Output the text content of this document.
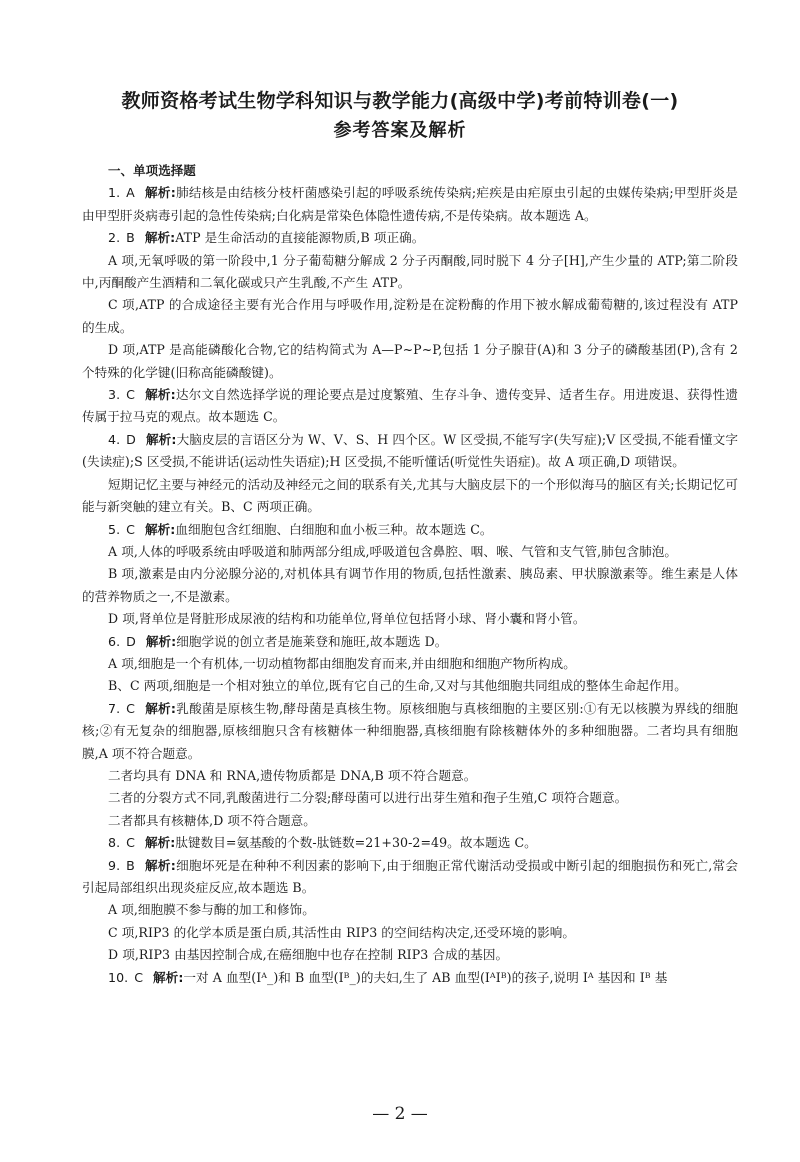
教师资格考试生物学科知识与教学能力(高级中学)考前特训卷(一)
参考答案及解析

一、单项选择题

1. A 解析:肺结核是由结核分枝杆菌感染引起的呼吸系统传染病;疟疾是由疟原虫引起的虫媒传染病;甲型肝炎是由甲型肝炎病毒引起的急性传染病;白化病是常染色体隐性遗传病,不是传染病。故本题选 A。

2. B 解析:ATP 是生命活动的直接能源物质,B 项正确。

A 项,无氧呼吸的第一阶段中,1 分子葡萄糖分解成 2 分子丙酮酸,同时脱下 4 分子[H],产生少量的 ATP;第二阶段中,丙酮酸产生酒精和二氧化碳或只产生乳酸,不产生 ATP。

C 项,ATP 的合成途径主要有光合作用与呼吸作用,淀粉是在淀粉酶的作用下被水解成葡萄糖的,该过程没有 ATP 的生成。

D 项,ATP 是高能磷酸化合物,它的结构简式为 A—P~P~P,包括 1 分子腺苷(A)和 3 分子的磷酸基团(P),含有 2 个特殊的化学键(旧称高能磷酸键)。

3. C 解析:达尔文自然选择学说的理论要点是过度繁殖、生存斗争、遗传变异、适者生存。用进废退、获得性遗传属于拉马克的观点。故本题选 C。

4. D 解析:大脑皮层的言语区分为 W、V、S、H 四个区。W 区受损,不能写字(失写症);V 区受损,不能看懂文字(失读症);S 区受损,不能讲话(运动性失语症);H 区受损,不能听懂话(听觉性失语症)。故 A 项正确,D 项错误。

短期记忆主要与神经元的活动及神经元之间的联系有关,尤其与大脑皮层下的一个形似海马的脑区有关;长期记忆可能与新突触的建立有关。B、C 两项正确。

5. C 解析:血细胞包含红细胞、白细胞和血小板三种。故本题选 C。

A 项,人体的呼吸系统由呼吸道和肺两部分组成,呼吸道包含鼻腔、咽、喉、气管和支气管,肺包含肺泡。

B 项,激素是由内分泌腺分泌的,对机体具有调节作用的物质,包括性激素、胰岛素、甲状腺激素等。维生素是人体的营养物质之一,不是激素。

D 项,肾单位是肾脏形成尿液的结构和功能单位,肾单位包括肾小球、肾小囊和肾小管。

6. D 解析:细胞学说的创立者是施莱登和施旺,故本题选 D。

A 项,细胞是一个有机体,一切动植物都由细胞发育而来,并由细胞和细胞产物所构成。

B、C 两项,细胞是一个相对独立的单位,既有它自己的生命,又对与其他细胞共同组成的整体生命起作用。

7. C 解析:乳酸菌是原核生物,酵母菌是真核生物。原核细胞与真核细胞的主要区别:①有无以核膜为界线的细胞核;②有无复杂的细胞器,原核细胞只含有核糖体一种细胞器,真核细胞有除核糖体外的多种细胞器。二者均具有细胞膜,A 项不符合题意。

二者均具有 DNA 和 RNA,遗传物质都是 DNA,B 项不符合题意。

二者的分裂方式不同,乳酸菌进行二分裂;酵母菌可以进行出芽生殖和孢子生殖,C 项符合题意。

二者都具有核糖体,D 项不符合题意。

8. C 解析:肽键数目=氨基酸的个数-肽链数=21+30-2=49。故本题选 C。

9. B 解析:细胞坏死是在种种不利因素的影响下,由于细胞正常代谢活动受损或中断引起的细胞损伤和死亡,常会引起局部组织出现炎症反应,故本题选 B。

A 项,细胞膜不参与酶的加工和修饰。

C 项,RIP3 的化学本质是蛋白质,其活性由 RIP3 的空间结构决定,还受环境的影响。

D 项,RIP3 由基因控制合成,在癌细胞中也存在控制 RIP3 合成的基因。

10. C 解析:一对 A 血型(Iᴬ_)和 B 血型(Iᴮ_)的夫妇,生了 AB 血型(IᴬIᴮ)的孩子,说明 Iᴬ 基因和 Iᴮ 基

— 2 —
